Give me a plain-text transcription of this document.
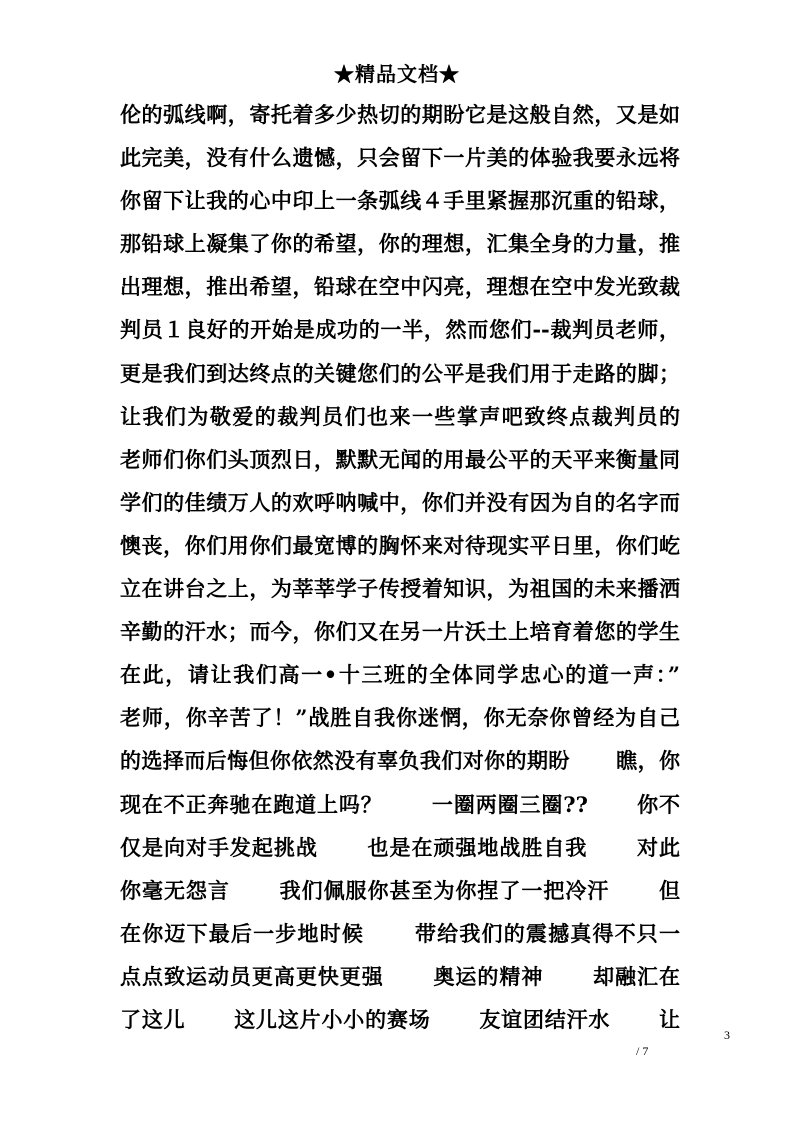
★精品文档★
伦的弧线啊，寄托着多少热切的期盼它是这般自然，又是如
此完美，没有什么遗憾，只会留下一片美的体验我要永远将
你留下让我的心中印上一条弧线４手里紧握那沉重的铅球，
那铅球上凝集了你的希望，你的理想，汇集全身的力量，推
出理想，推出希望，铅球在空中闪亮，理想在空中发光致裁
判员１良好的开始是成功的一半，然而您们--裁判员老师，
更是我们到达终点的关键您们的公平是我们用于走路的脚；
让我们为敬爱的裁判员们也来一些掌声吧致终点裁判员的
老师们你们头顶烈日，默默无闻的用最公平的天平来衡量同
学们的佳绩万人的欢呼呐喊中，你们并没有因为自的名字而
懊丧，你们用你们最宽博的胸怀来对待现实平日里，你们屹
立在讲台之上，为莘莘学子传授着知识，为祖国的未来播洒
辛勤的汗水；而今，你们又在另一片沃土上培育着您的学生
在此，请让我们高一•十三班的全体同学忠心的道一声：”
老师，你辛苦了！”战胜自我你迷惘，你无奈你曾经为自己
的选择而后悔但你依然没有辜负我们对你的期盼      瞧，你
现在不正奔驰在跑道上吗？      一圈两圈三圈??      你不
仅是向对手发起挑战      也是在顽强地战胜自我      对此
你毫无怨言      我们佩服你甚至为你捏了一把冷汗      但
在你迈下最后一步地时候      带给我们的震撼真得不只一
点点致运动员更高更快更强      奥运的精神      却融汇在
了这儿      这儿这片小小的赛场      友谊团结汗水      让
3
/ 7
